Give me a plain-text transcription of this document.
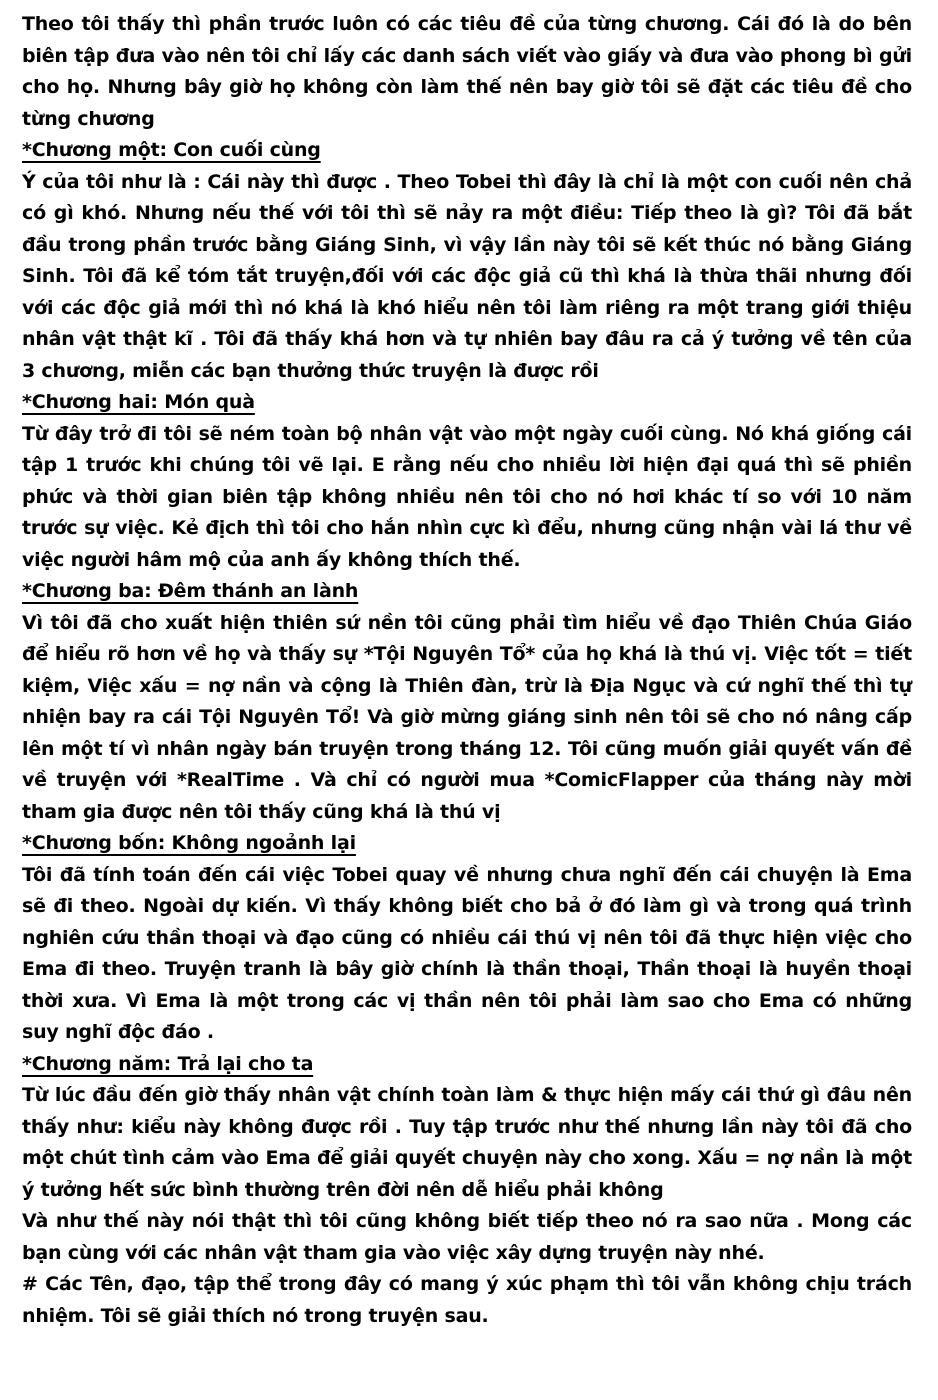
Theo tôi thấy thì phần trước luôn có các tiêu đề của từng chương. Cái đó là do bên biên tập đưa vào nên tôi chỉ lấy các danh sách viết vào giấy và đưa vào phong bì gửi cho họ. Nhưng bây giờ họ không còn làm thế nên bay giờ tôi sẽ đặt các tiêu đề cho từng chương

*Chương một: Con cuối cùng

Ý của tôi như là : Cái này thì được . Theo Tobei thì đây là chỉ là một con cuối nên chả có gì khó. Nhưng nếu thế với tôi thì sẽ nảy ra một điều: Tiếp theo là gì? Tôi đã bắt đầu trong phần trước bằng Giáng Sinh, vì vậy lần này tôi sẽ kết thúc nó bằng Giáng Sinh. Tôi đã kể tóm tắt truyện,đối với các độc giả cũ thì khá là thừa thãi nhưng đối với các độc giả mới thì nó khá là khó hiểu nên tôi làm riêng ra một trang giới thiệu nhân vật thật kĩ . Tôi đã thấy khá hơn và tự nhiên bay đâu ra cả ý tưởng về tên của 3 chương, miễn các bạn thưởng thức truyện là được rồi

*Chương hai: Món quà

Từ đây trở đi tôi sẽ ném toàn bộ nhân vật vào một ngày cuối cùng. Nó khá giống cái tập 1 trước khi chúng tôi vẽ lại. E rằng nếu cho nhiều lời hiện đại quá thì sẽ phiền phức và thời gian biên tập không nhiều nên tôi cho nó hơi khác tí so với 10 năm trước sự việc. Kẻ địch thì tôi cho hắn nhìn cực kì đểu, nhưng cũng nhận vài lá thư về việc người hâm mộ của anh ấy không thích thế.

*Chương ba: Đêm thánh an lành

Vì tôi đã cho xuất hiện thiên sứ nền tôi cũng phải tìm hiểu về đạo Thiên Chúa Giáo để hiểu rõ hơn về họ và thấy sự *Tội Nguyên Tổ* của họ khá là thú vị. Việc tốt = tiết kiệm, Việc xấu = nợ nần và cộng là Thiên đàn, trừ là Địa Ngục và cứ nghĩ thế thì tự nhiện bay ra cái Tội Nguyên Tổ! Và giờ mừng giáng sinh nên tôi sẽ cho nó nâng cấp lên một tí vì nhân ngày bán truyện trong tháng 12. Tôi cũng muốn giải quyết vấn đề về truyện với *RealTime . Và chỉ có người mua *ComicFlapper của tháng này mời tham gia được nên tôi thấy cũng khá là thú vị

*Chương bốn: Không ngoảnh lại

Tôi đã tính toán đến cái việc Tobei quay về nhưng chưa nghĩ đến cái chuyện là Ema sẽ đi theo. Ngoài dự kiến. Vì thấy không biết cho bả ở đó làm gì và trong quá trình nghiên cứu thần thoại và đạo cũng có nhiều cái thú vị nên tôi đã thực hiện việc cho Ema đi theo. Truyện tranh là bây giờ chính là thần thoại, Thần thoại là huyền thoại thời xưa. Vì Ema là một trong các vị thần nên tôi phải làm sao cho Ema có những suy nghĩ độc đáo .

*Chương năm: Trả lại cho ta

Từ lúc đầu đến giờ thấy nhân vật chính toàn làm & thực hiện mấy cái thứ gì đâu nên thấy như: kiểu này không được rồi . Tuy tập trước như thế nhưng lần này tôi đã cho một chút tình cảm vào Ema để giải quyết chuyện này cho xong. Xấu = nợ nần là một ý tưởng hết sức bình thường trên đời nên dễ hiểu phải không

Và như thế này nói thật thì tôi cũng không biết tiếp theo nó ra sao nữa . Mong các bạn cùng với các nhân vật tham gia vào việc xây dựng truyện này nhé.

# Các Tên, đạo, tập thể trong đây có mang ý xúc phạm thì tôi vẫn không chịu trách nhiệm. Tôi sẽ giải thích nó trong truyện sau.
